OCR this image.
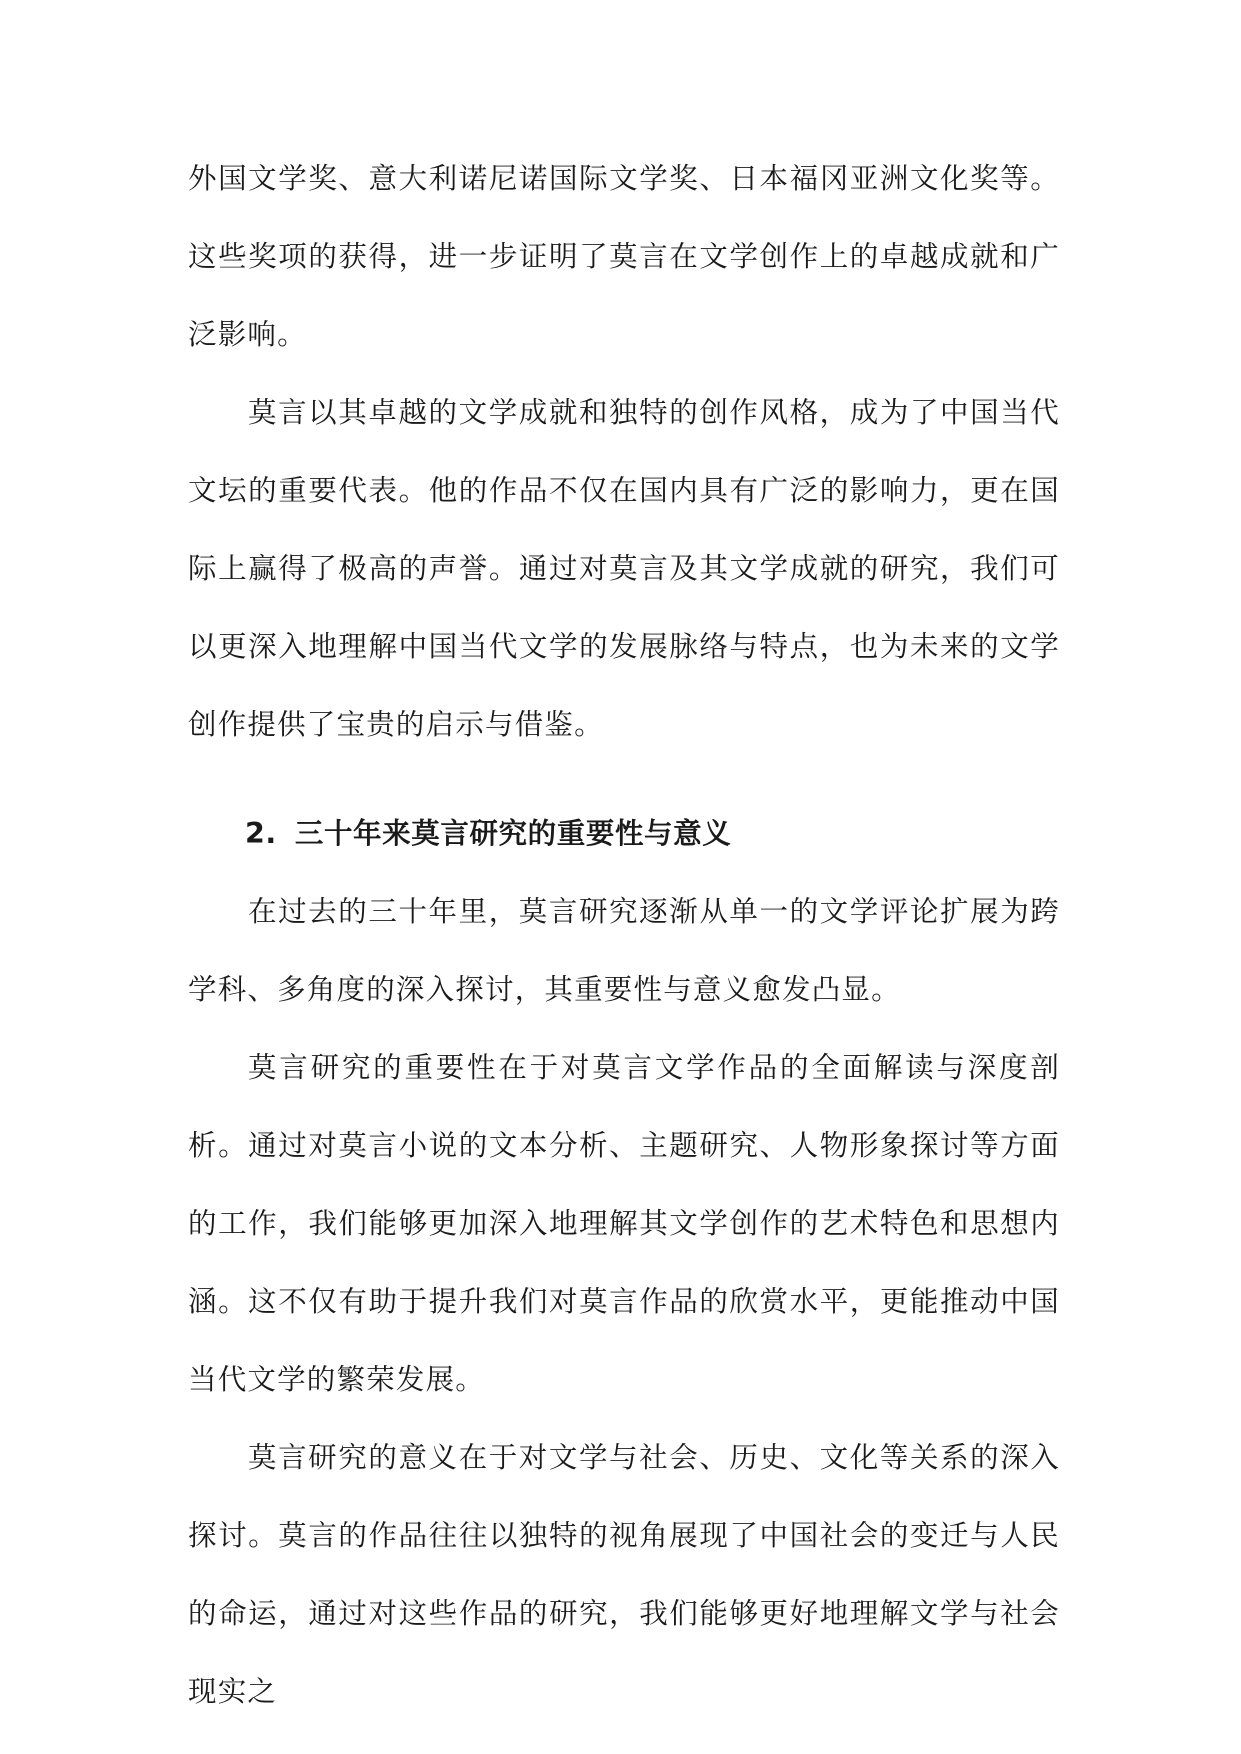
外国文学奖、意大利诺尼诺国际文学奖、日本福冈亚洲文化奖等。这些奖项的获得，进一步证明了莫言在文学创作上的卓越成就和广泛影响。

莫言以其卓越的文学成就和独特的创作风格，成为了中国当代文坛的重要代表。他的作品不仅在国内具有广泛的影响力，更在国际上赢得了极高的声誉。通过对莫言及其文学成就的研究，我们可以更深入地理解中国当代文学的发展脉络与特点，也为未来的文学创作提供了宝贵的启示与借鉴。

2. 三十年来莫言研究的重要性与意义

在过去的三十年里，莫言研究逐渐从单一的文学评论扩展为跨学科、多角度的深入探讨，其重要性与意义愈发凸显。

莫言研究的重要性在于对莫言文学作品的全面解读与深度剖析。通过对莫言小说的文本分析、主题研究、人物形象探讨等方面的工作，我们能够更加深入地理解其文学创作的艺术特色和思想内涵。这不仅有助于提升我们对莫言作品的欣赏水平，更能推动中国当代文学的繁荣发展。

莫言研究的意义在于对文学与社会、历史、文化等关系的深入探讨。莫言的作品往往以独特的视角展现了中国社会的变迁与人民的命运，通过对这些作品的研究，我们能够更好地理解文学与社会现实之
